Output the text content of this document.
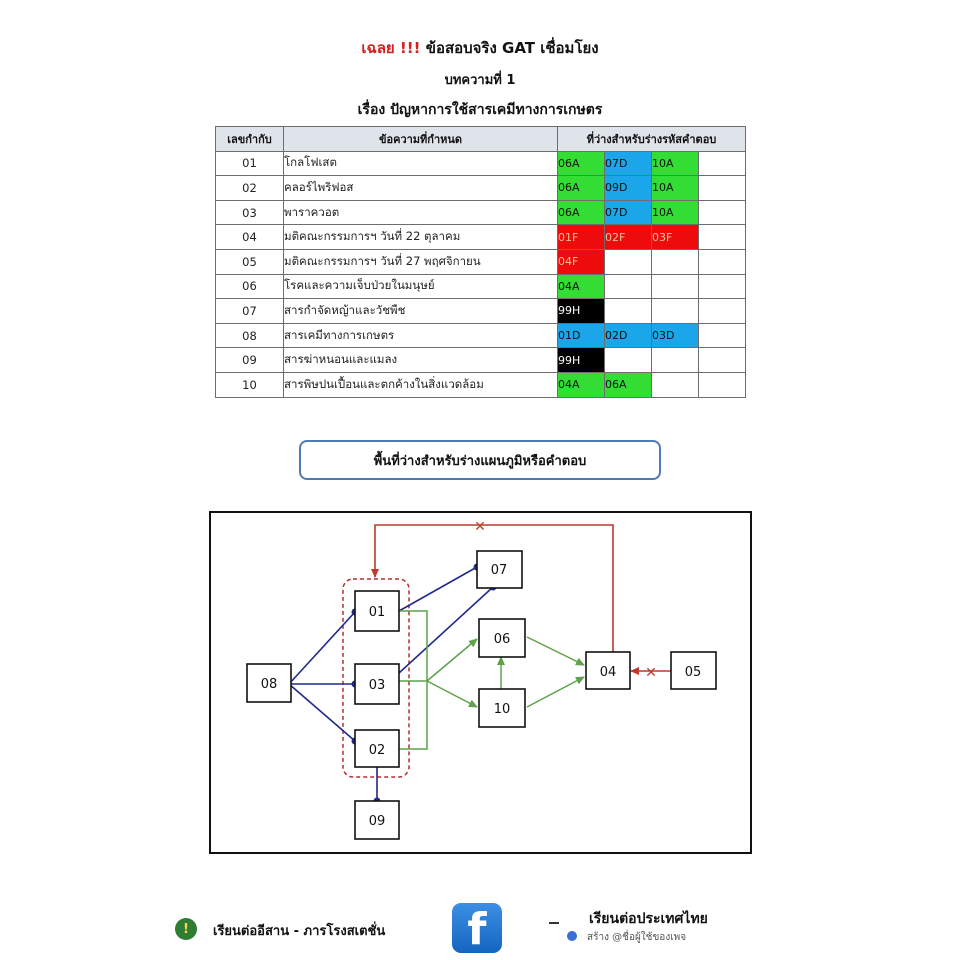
เฉลย !!! ข้อสอบจริง GAT เชื่อมโยง
บทความที่ 1
เรื่อง ปัญหาการใช้สารเคมีทางการเกษตร
เลขกำกับ	ข้อความที่กำหนด	ที่ว่างสำหรับร่างรหัสคำตอบ			
01	โกลโฟเสต	06A	07D	10A	
02	คลอร์ไพริฟอส	06A	09D	10A	
03	พาราควอต	06A	07D	10A	
04	มติคณะกรรมการฯ วันที่ 22 ตุลาคม	01F	02F	03F	
05	มติคณะกรรมการฯ วันที่ 27 พฤศจิกายน	04F			
06	โรคและความเจ็บป่วยในมนุษย์	04A			
07	สารกำจัดหญ้าและวัชพืช	99H			
08	สารเคมีทางการเกษตร	01D	02D	03D	
09	สารฆ่าหนอนและแมลง	99H			
10	สารพิษปนเปื้อนและตกค้างในสิ่งแวดล้อม	04A	06A		
พื้นที่ว่างสำหรับร่างแผนภูมิหรือคำตอบ
✕
✕
01
03
02
08
07
06
10
04	05
09
!	เรียนต่ออีสาน - ภารโรงสเตชั่น	f	เรียนต่อประเทศไทย
สร้าง @ชื่อผู้ใช้ของเพจ
